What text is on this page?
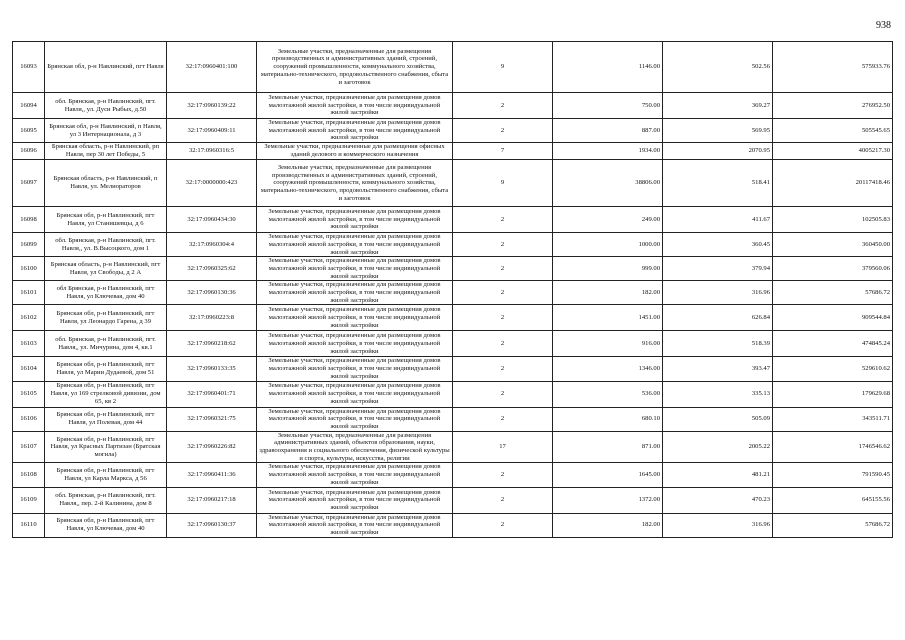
938
16093	Брянская обл, р-н Навлинский, пгт Навля	32:17:0960401:100	Земельные участки, предназначенные для размещения производственных и административных зданий, строений, сооружений промышленности, коммунального хозяйства, материально-технического, продовольственного снабжения, сбыта и заготовок	9	1146.00	502.56	575933.76
16094	обл. Брянская, р-н Навлинский, пгт. Навля,, ул. Дуси Рыбых, д.50	32:17:0960139:22	Земельные участки, предназначенные для размещения домов малоэтажной жилой застройки, в том числе индивидуальной жилой застройки	2	750.00	369.27	276952.50
16095	Брянская обл, р-н Навлинский, п Навля, ул 3 Интернационала, д 3	32:17:0960409:11	Земельные участки, предназначенные для размещения домов малоэтажной жилой застройки, в том числе индивидуальной жилой застройки	2	887.00	569.95	505545.65
16096	Брянская область, р-н Навлинский, рп Навля, пер 30 лет Победы, 5	32:17:0960316:5	Земельные участки, предназначенные для размещения офисных зданий делового и коммерческого назначения	7	1934.00	2070.95	4005217.30
16097	Брянская область, р-н Навлинский, п Навля, ул. Мелиораторов	32:17:0000000:423	Земельные участки, предназначенные для размещения производственных и административных зданий, строений, сооружений промышленности, коммунального хозяйства, материально-технического, продовольственного снабжения, сбыта и заготовок	9	38806.00	518.41	20117418.46
16098	Брянская обл, р-н Навлинский, пгт Навля, ул Станишевцы, д 6	32:17:0960434:30	Земельные участки, предназначенные для размещения домов малоэтажной жилой застройки, в том числе индивидуальной жилой застройки	2	249.00	411.67	102505.83
16099	обл. Брянская, р-н Навлинский, пгт. Навля,, ул. В.Высоцкого, дом 1	32:17:0960304:4	Земельные участки, предназначенные для размещения домов малоэтажной жилой застройки, в том числе индивидуальной жилой застройки	2	1000.00	360.45	360450.00
16100	Брянская область, р-н Навлинский, пгт Навля, ул Свободы, д 2 А	32:17:0960325:62	Земельные участки, предназначенные для размещения домов малоэтажной жилой застройки, в том числе индивидуальной жилой застройки	2	999.00	379.94	379560.06
16101	обл Брянская, р-н Навлинский, пгт Навля, ул Ключевая, дом 40	32:17:0960130:36	Земельные участки, предназначенные для размещения домов малоэтажной жилой застройки, в том числе индивидуальной жилой застройки	2	182.00	316.96	57686.72
16102	Брянская обл, р-н Навлинский, пгт Навля, ул Леонардо Гарена, д 39	32:17:0960223:8	Земельные участки, предназначенные для размещения домов малоэтажной жилой застройки, в том числе индивидуальной жилой застройки	2	1451.00	626.84	909544.84
16103	обл. Брянская, р-н Навлинский, пгт. Навля,, ул. Мичурина, дом 4, кв.1	32:17:0960218:62	Земельные участки, предназначенные для размещения домов малоэтажной жилой застройки, в том числе индивидуальной жилой застройки	2	916.00	518.39	474845.24
16104	Брянская обл, р-н Навлинский, пгт Навля, ул Марии Дудаевой, дом 51	32:17:0960133:35	Земельные участки, предназначенные для размещения домов малоэтажной жилой застройки, в том числе индивидуальной жилой застройки	2	1346.00	393.47	529610.62
16105	Брянская обл, р-н Навлинский, пгт Навля, ул 169 стрелковой дивизии, дом 65, кв 2	32:17:0960401:71	Земельные участки, предназначенные для размещения домов малоэтажной жилой застройки, в том числе индивидуальной жилой застройки	2	536.00	335.13	179629.68
16106	Брянская обл, р-н Навлинский, пгт Навля, ул Полевая, дом 44	32:17:0960321:75	Земельные участки, предназначенные для размещения домов малоэтажной жилой застройки, в том числе индивидуальной жилой застройки	2	680.10	505.09	343511.71
16107	Брянская обл, р-н Навлинский, пгт Навля, ул Красных Партизан (Братская могила)	32:17:0960226:82	Земельные участки, предназначенные для размещения административных зданий, объектов образования, науки, здравоохранения и социального обеспечения, физической культуры и спорта, культуры, искусства, религии	17	871.00	2005.22	1746546.62
16108	Брянская обл, р-н Навлинский, пгт Навля, ул Карла Маркса, д 56	32:17:0960411:36	Земельные участки, предназначенные для размещения домов малоэтажной жилой застройки, в том числе индивидуальной жилой застройки	2	1645.00	481.21	791590.45
16109	обл. Брянская, р-н Навлинский, пгт. Навля,, пер. 2-й Калинина, дом 8	32:17:0960217:18	Земельные участки, предназначенные для размещения домов малоэтажной жилой застройки, в том числе индивидуальной жилой застройки	2	1372.00	470.23	645155.56
16110	Брянская обл, р-н Навлинский, пгт Навля, ул Ключевая, дом 40	32:17:0960130:37	Земельные участки, предназначенные для размещения домов малоэтажной жилой застройки, в том числе индивидуальной жилой застройки	2	182.00	316.96	57686.72
